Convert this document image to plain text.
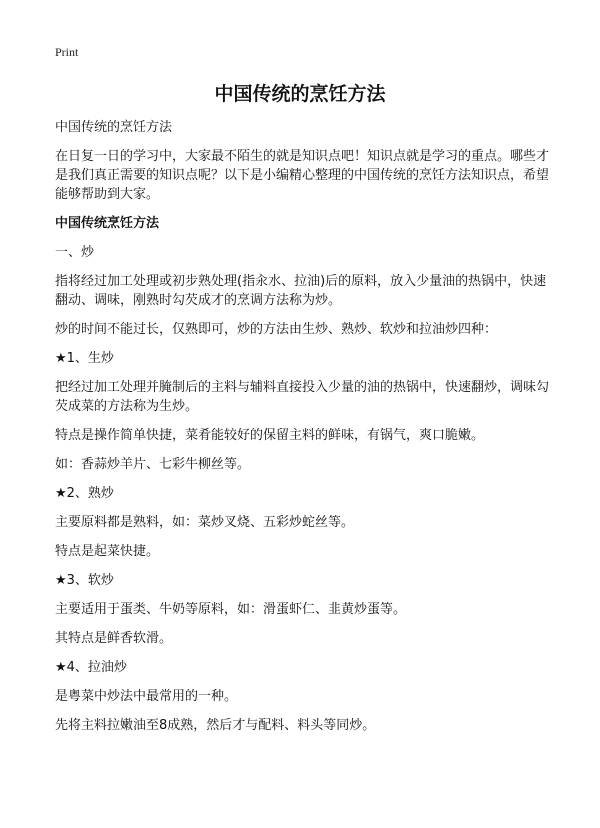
Print
中国传统的烹饪方法

中国传统的烹饪方法

在日复一日的学习中，大家最不陌生的就是知识点吧！知识点就是学习的重点。哪些才是我们真正需要的知识点呢？以下是小编精心整理的中国传统的烹饪方法知识点，希望能够帮助到大家。

中国传统烹饪方法

一、炒

指将经过加工处理或初步熟处理(指汆水、拉油)后的原料，放入少量油的热锅中，快速翻动、调味，刚熟时勾芡成才的烹调方法称为炒。

炒的时间不能过长，仅熟即可，炒的方法由生炒、熟炒、软炒和拉油炒四种：

★1、生炒

把经过加工处理并腌制后的主料与辅料直接投入少量的油的热锅中，快速翻炒，调味勾芡成菜的方法称为生炒。

特点是操作简单快捷，菜肴能较好的保留主料的鲜味，有锅气，爽口脆嫩。

如：香蒜炒羊片、七彩牛柳丝等。

★2、熟炒

主要原料都是熟料，如：菜炒叉烧、五彩炒蛇丝等。

特点是起菜快捷。

★3、软炒

主要适用于蛋类、牛奶等原料，如：滑蛋虾仁、韭黄炒蛋等。

其特点是鲜香软滑。

★4、拉油炒

是粤菜中炒法中最常用的一种。

先将主料拉嫩油至8成熟，然后才与配料、料头等同炒。
